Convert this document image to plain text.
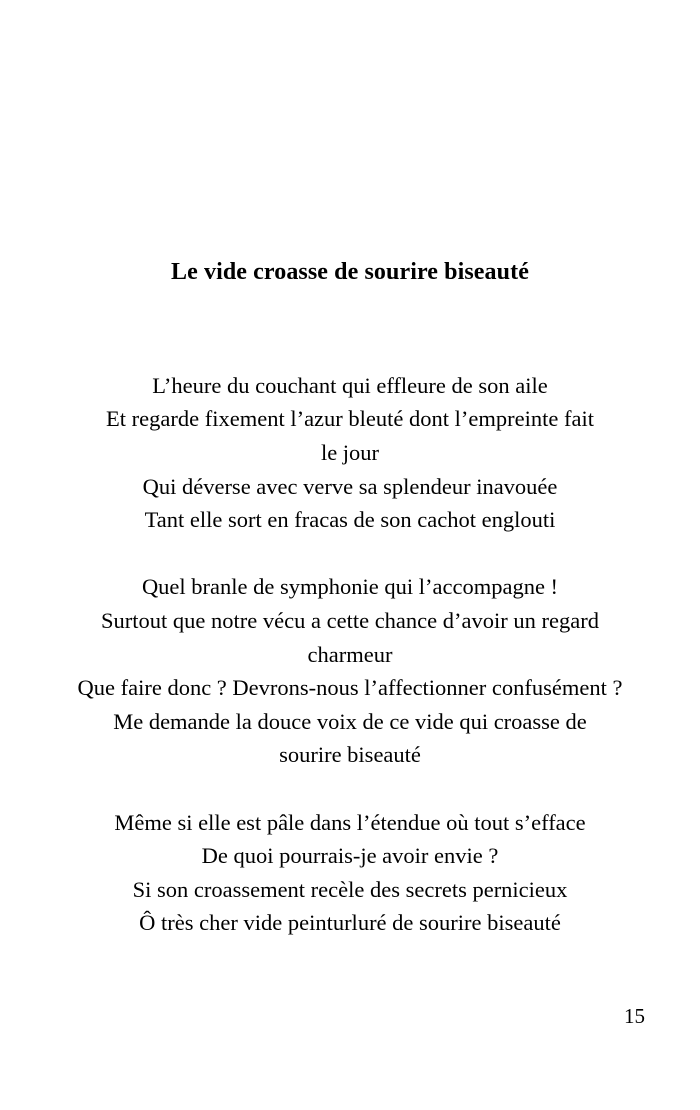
Le vide croasse de sourire biseauté

L’heure du couchant qui effleure de son aile
Et regarde fixement l’azur bleuté dont l’empreinte fait
le jour
Qui déverse avec verve sa splendeur inavouée
Tant elle sort en fracas de son cachot englouti

Quel branle de symphonie qui l’accompagne !
Surtout que notre vécu a cette chance d’avoir un regard
charmeur
Que faire donc ? Devrons-nous l’affectionner confusément ?
Me demande la douce voix de ce vide qui croasse de
sourire biseauté

Même si elle est pâle dans l’étendue où tout s’efface
De quoi pourrais-je avoir envie ?
Si son croassement recèle des secrets pernicieux
Ô très cher vide peinturluré de sourire biseauté

15
